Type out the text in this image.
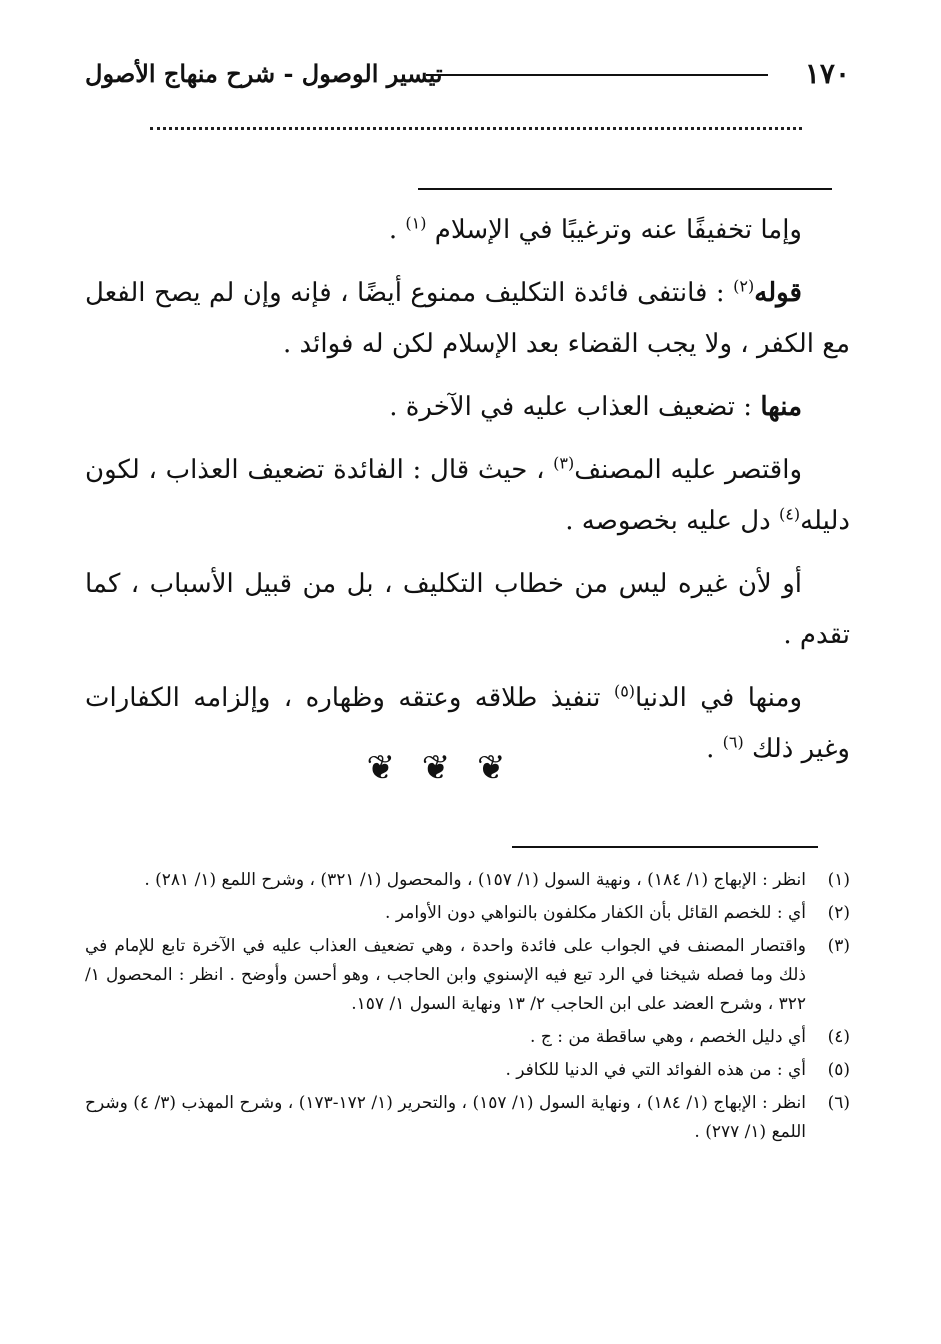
١٧٠
تيسير الوصول - شرح منهاج الأصول

وإما تخفيفًا عنه وترغيبًا في الإسلام $^{(١)}$ .

قوله$^{(٢)}$ : فانتفى فائدة التكليف ممنوع أيضًا ، فإنه وإن لم يصح الفعل مع الكفر ، ولا يجب القضاء بعد الإسلام لكن له فوائد .

منها : تضعيف العذاب عليه في الآخرة .

واقتصر عليه المصنف$^{(٣)}$ ، حيث قال : الفائدة تضعيف العذاب ، لكون دليله$^{(٤)}$ دل عليه بخصوصه .

أو لأن غيره ليس من خطاب التكليف ، بل من قبيل الأسباب ، كما تقدم .

ومنها في الدنيا$^{(٥)}$ تنفيذ طلاقه وعتقه وظهاره ، وإلزامه الكفارات وغير ذلك $^{(٦)}$ .

❦ ❦ ❦
(١)
انظر : الإبهاج (١/ ١٨٤) ، ونهية السول (١/ ١٥٧) ، والمحصول (١/ ٣٢١) ، وشرح اللمع (١/ ٢٨١) .
(٢)
أي : للخصم القائل بأن الكفار مكلفون بالنواهي دون الأوامر .
(٣)
واقتصار المصنف في الجواب على فائدة واحدة ، وهي تضعيف العذاب عليه في الآخرة تابع للإمام في ذلك وما فصله شيخنا في الرد تبع فيه الإسنوي وابن الحاجب ، وهو أحسن وأوضح . انظر : المحصول ١/ ٣٢٢ ، وشرح العضد على ابن الحاجب ٢/ ١٣ ونهاية السول ١/ ١٥٧.
(٤)
أي دليل الخصم ، وهي ساقطة من : ج .
(٥)
أي : من هذه الفوائد التي في الدنيا للكافر .
(٦)
انظر : الإبهاج (١/ ١٨٤) ، ونهاية السول (١/ ١٥٧) ، والتحرير (١/ ١٧٢-١٧٣) ، وشرح المهذب (٣/ ٤) وشرح اللمع (١/ ٢٧٧) .
